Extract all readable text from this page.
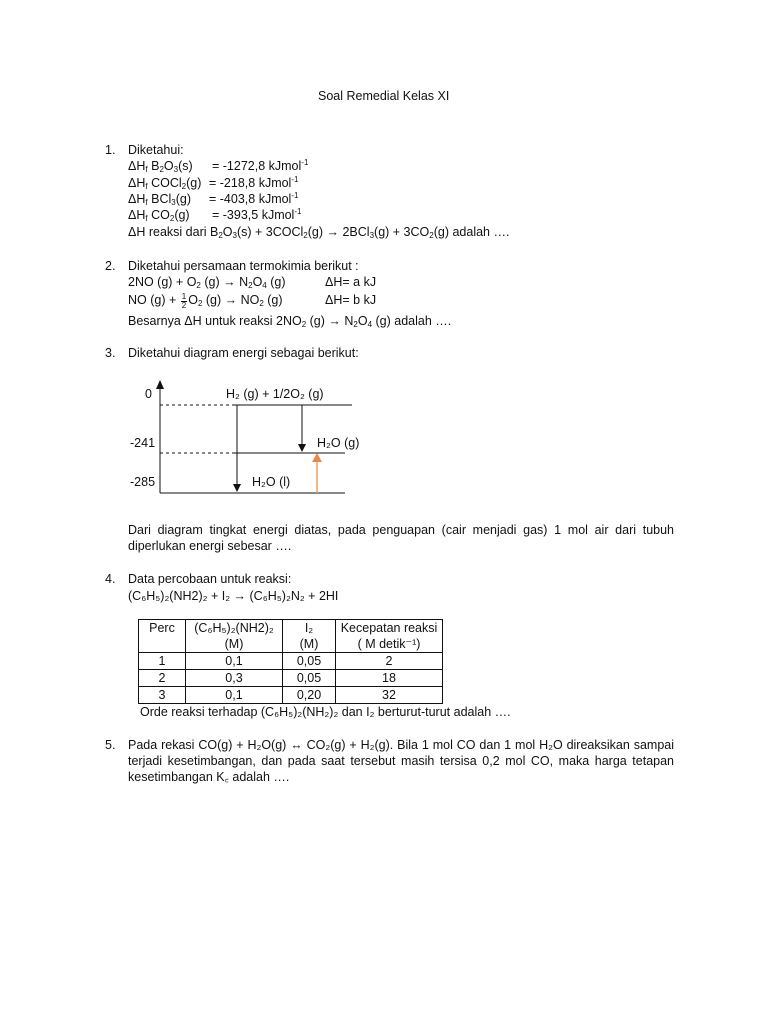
Soal Remedial Kelas XI
1. Diketahui:
$\Delta H_f$ $B_2O_3(s) = -1272,8$ kJmol$^{-1}$
$\Delta H_f$ COCl$_2$(g) = -218,8 kJmol$^{-1}$
$\Delta H_f$ BCl$_3$(g) = -403,8 kJmol$^{-1}$
$\Delta H_f$ $CO_2(g) = -393,5$ kJmol$^{-1}$
ΔH reaksi dari $B_2O_3(s)$ + 3COCl$_2$(g) → $2BCl_3(g) + 3CO_2(g)$ adalah ….
2. Diketahui persamaan termokimia berikut :
2NO $(g) + O_2$ $(g) \to N_2O_4$ (g)	ΔH= a kJ
NO $(g) + \frac{1}{2} O_2$ $(g) \to NO_2$ (g)	ΔH= b kJ
Besarnya ΔH untuk reaksi $2NO_2$ $(g) \to N_2O_4$ (g) adalah ….
3. Diketahui diagram energi sebagai berikut:
0
-241
-285
H₂ (g) + 1/2O₂ (g)
H₂O (g)
H₂O (l)
Dari diagram tingkat energi diatas, pada penguapan (cair menjadi gas) 1 mol air dari tubuh diperlukan energi sebesar ….
4. Data percobaan untuk reaksi:
(C₆H₅)₂(NH2)₂ + I₂ → (C₆H₅)₂N₂ + 2HI
Perc	(C₆H₅)₂(NH2)₂	I₂	Kecepatan reaksi
	(M)	(M)	( M detik⁻¹)
1	0,1	0,05	2
2	0,3	0,05	18
3	0,1	0,20	32
Orde reaksi terhadap (C₆H₅)₂(NH₂)₂ dan I₂ berturut-turut adalah ….
5. Pada rekasi CO(g) + H₂O(g) ↔ CO₂(g) + H₂(g). Bila 1 mol CO dan 1 mol H₂O direaksikan sampai terjadi kesetimbangan, dan pada saat tersebut masih tersisa 0,2 mol CO, maka harga tetapan kesetimbangan K꜀ adalah ….
